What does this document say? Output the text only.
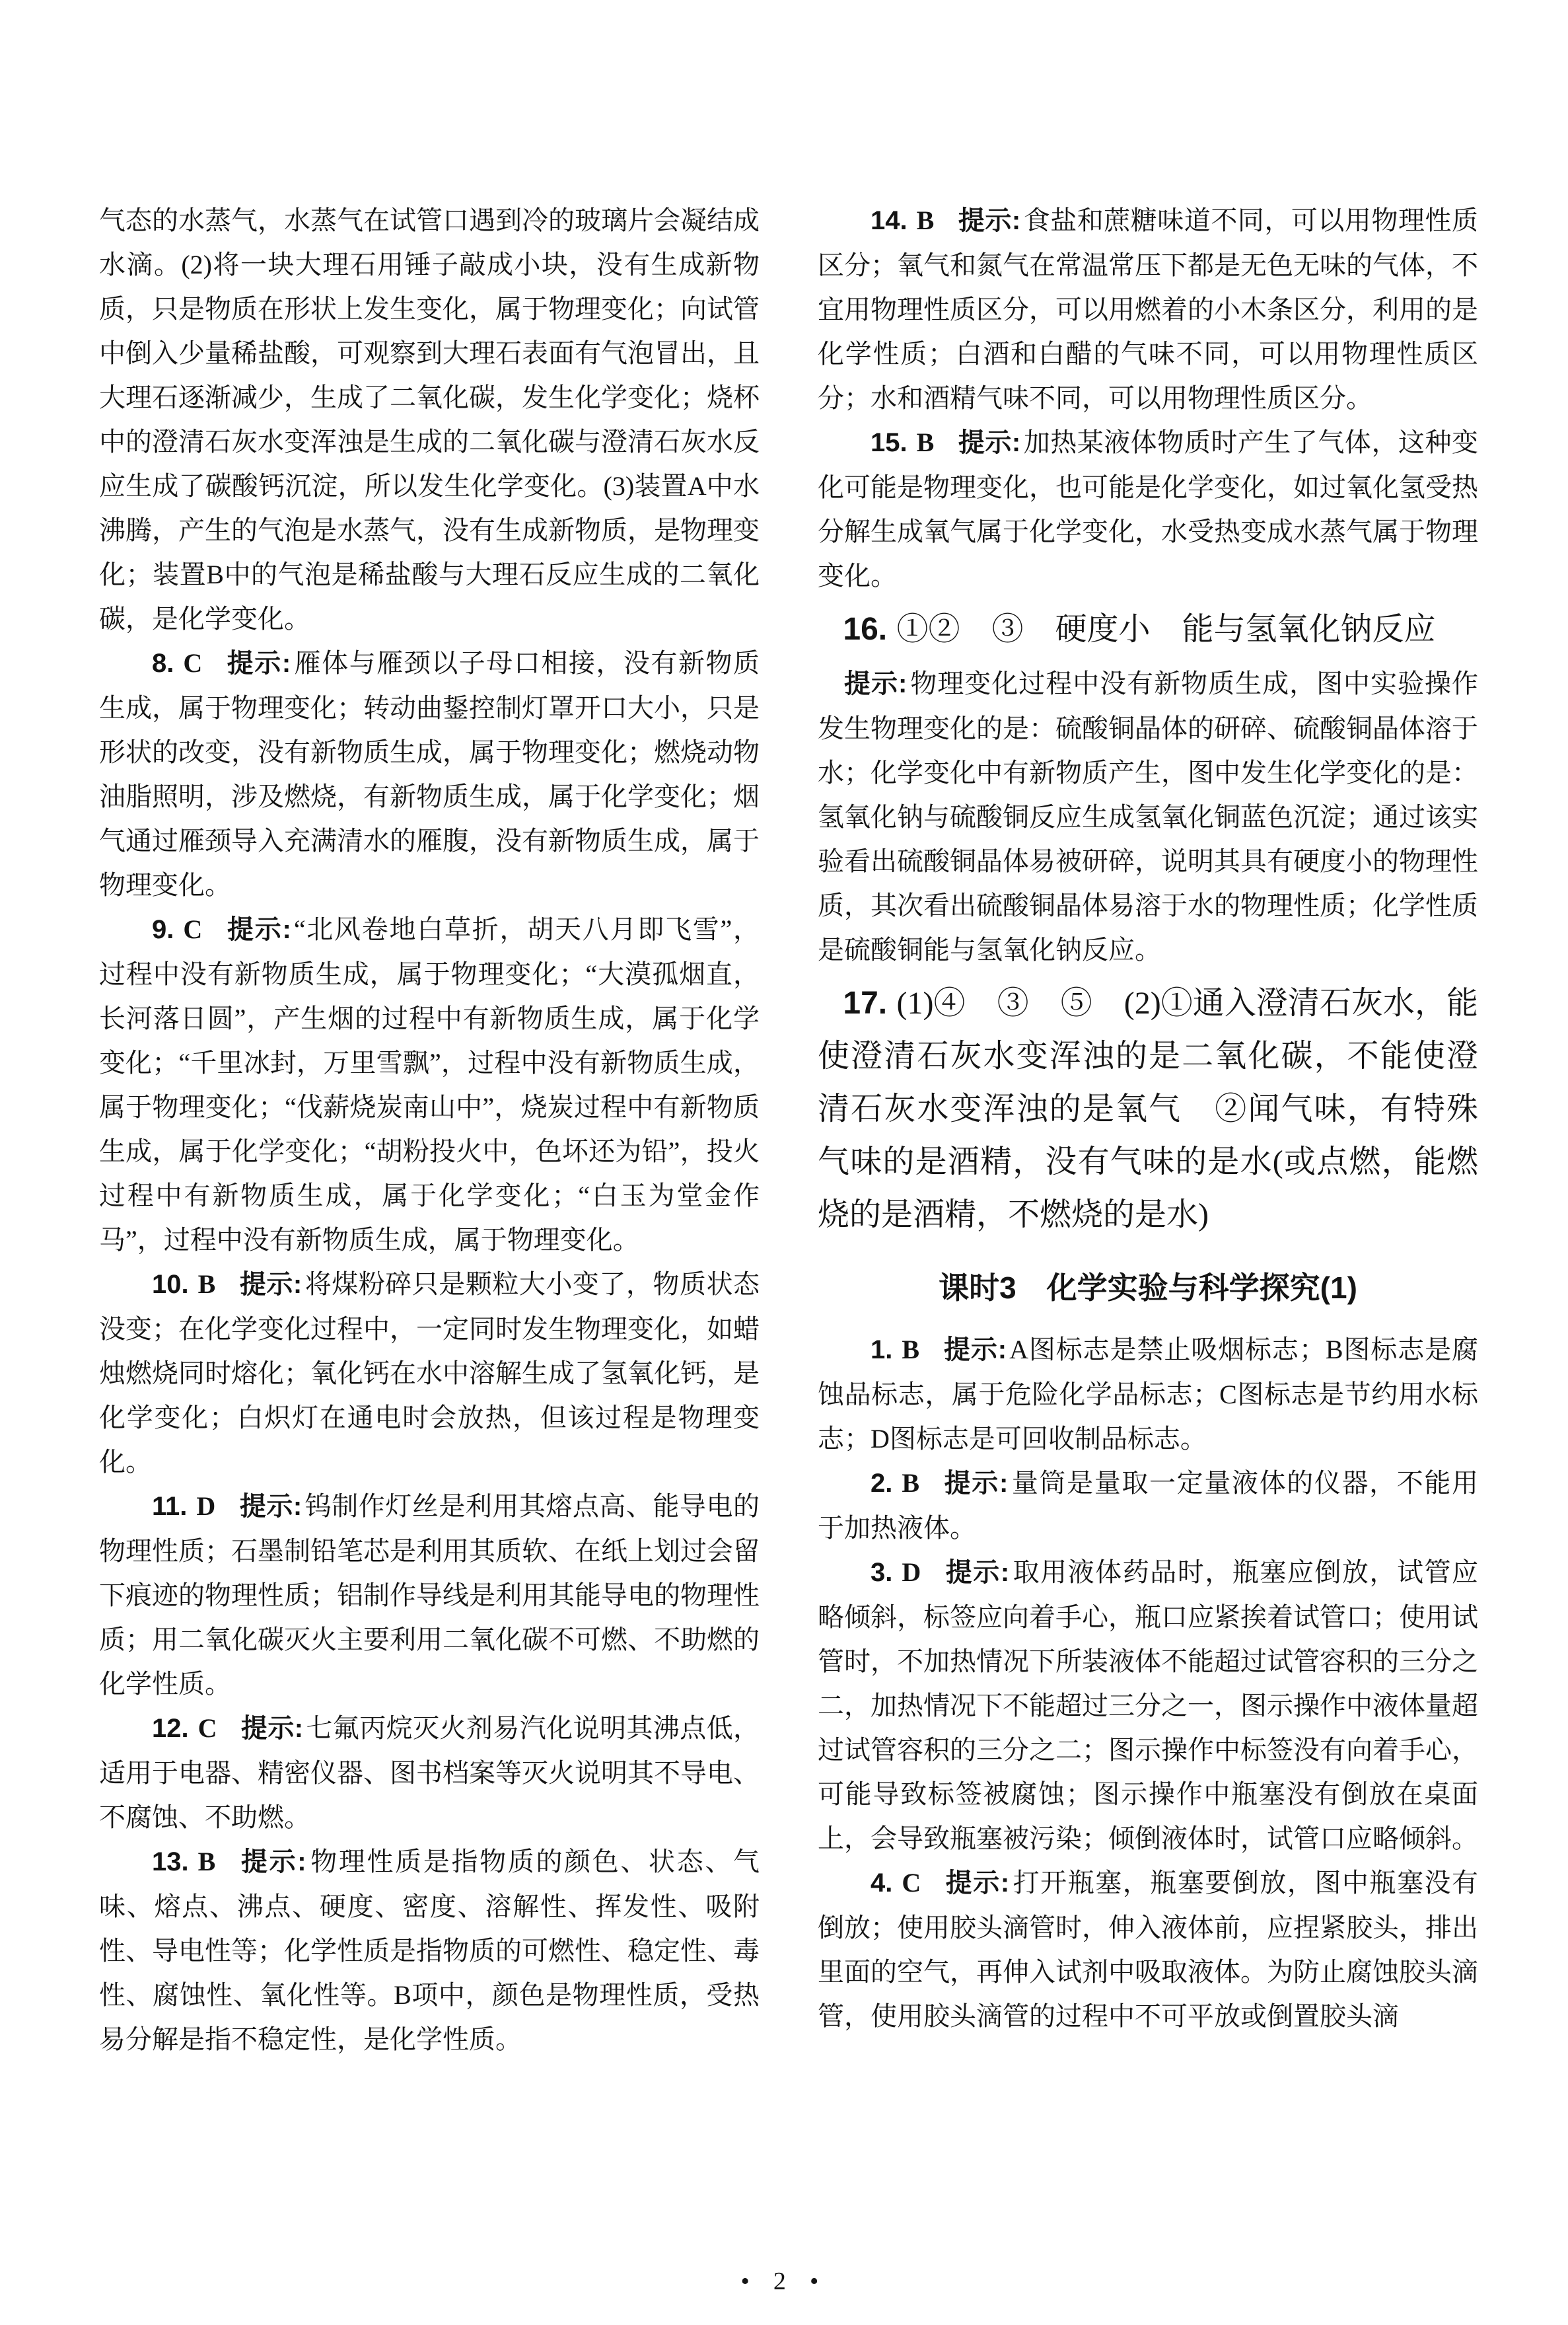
气态的水蒸气，水蒸气在试管口遇到冷的玻璃片会凝结成水滴。(2)将一块大理石用锤子敲成小块，没有生成新物质，只是物质在形状上发生变化，属于物理变化；向试管中倒入少量稀盐酸，可观察到大理石表面有气泡冒出，且大理石逐渐减少，生成了二氧化碳，发生化学变化；烧杯中的澄清石灰水变浑浊是生成的二氧化碳与澄清石灰水反应生成了碳酸钙沉淀，所以发生化学变化。(3)装置A中水沸腾，产生的气泡是水蒸气，没有生成新物质，是物理变化；装置B中的气泡是稀盐酸与大理石反应生成的二氧化碳，是化学变化。

8. C 提示: 雁体与雁颈以子母口相接，没有新物质生成，属于物理变化；转动曲鋬控制灯罩开口大小，只是形状的改变，没有新物质生成，属于物理变化；燃烧动物油脂照明，涉及燃烧，有新物质生成，属于化学变化；烟气通过雁颈导入充满清水的雁腹，没有新物质生成，属于物理变化。

9. C 提示: “北风卷地白草折，胡天八月即飞雪”，过程中没有新物质生成，属于物理变化；“大漠孤烟直，长河落日圆”，产生烟的过程中有新物质生成，属于化学变化；“千里冰封，万里雪飘”，过程中没有新物质生成，属于物理变化；“伐薪烧炭南山中”，烧炭过程中有新物质生成，属于化学变化；“胡粉投火中，色坏还为铅”，投火过程中有新物质生成，属于化学变化；“白玉为堂金作马”，过程中没有新物质生成，属于物理变化。

10. B 提示: 将煤粉碎只是颗粒大小变了，物质状态没变；在化学变化过程中，一定同时发生物理变化，如蜡烛燃烧同时熔化；氧化钙在水中溶解生成了氢氧化钙，是化学变化；白炽灯在通电时会放热，但该过程是物理变化。

11. D 提示: 钨制作灯丝是利用其熔点高、能导电的物理性质；石墨制铅笔芯是利用其质软、在纸上划过会留下痕迹的物理性质；铝制作导线是利用其能导电的物理性质；用二氧化碳灭火主要利用二氧化碳不可燃、不助燃的化学性质。

12. C 提示: 七氟丙烷灭火剂易汽化说明其沸点低，适用于电器、精密仪器、图书档案等灭火说明其不导电、不腐蚀、不助燃。

13. B 提示: 物理性质是指物质的颜色、状态、气味、熔点、沸点、硬度、密度、溶解性、挥发性、吸附性、导电性等；化学性质是指物质的可燃性、稳定性、毒性、腐蚀性、氧化性等。B项中，颜色是物理性质，受热易分解是指不稳定性，是化学性质。

14. B 提示: 食盐和蔗糖味道不同，可以用物理性质区分；氧气和氮气在常温常压下都是无色无味的气体，不宜用物理性质区分，可以用燃着的小木条区分，利用的是化学性质；白酒和白醋的气味不同，可以用物理性质区分；水和酒精气味不同，可以用物理性质区分。

15. B 提示: 加热某液体物质时产生了气体，这种变化可能是物理变化，也可能是化学变化，如过氧化氢受热分解生成氧气属于化学变化，水受热变成水蒸气属于物理变化。

16. ①②　③　硬度小　能与氢氧化钠反应

提示: 物理变化过程中没有新物质生成，图中实验操作发生物理变化的是：硫酸铜晶体的研碎、硫酸铜晶体溶于水；化学变化中有新物质产生，图中发生化学变化的是：氢氧化钠与硫酸铜反应生成氢氧化铜蓝色沉淀；通过该实验看出硫酸铜晶体易被研碎，说明其具有硬度小的物理性质，其次看出硫酸铜晶体易溶于水的物理性质；化学性质是硫酸铜能与氢氧化钠反应。

17. (1)④　③　⑤　(2)①通入澄清石灰水，能使澄清石灰水变浑浊的是二氧化碳，不能使澄清石灰水变浑浊的是氧气　②闻气味，有特殊气味的是酒精，没有气味的是水(或点燃，能燃烧的是酒精，不燃烧的是水)

课时3　化学实验与科学探究(1)

1. B 提示: A图标志是禁止吸烟标志；B图标志是腐蚀品标志，属于危险化学品标志；C图标志是节约用水标志；D图标志是可回收制品标志。

2. B 提示: 量筒是量取一定量液体的仪器，不能用于加热液体。

3. D 提示: 取用液体药品时，瓶塞应倒放，试管应略倾斜，标签应向着手心，瓶口应紧挨着试管口；使用试管时，不加热情况下所装液体不能超过试管容积的三分之二，加热情况下不能超过三分之一，图示操作中液体量超过试管容积的三分之二；图示操作中标签没有向着手心，可能导致标签被腐蚀；图示操作中瓶塞没有倒放在桌面上，会导致瓶塞被污染；倾倒液体时，试管口应略倾斜。

4. C 提示: 打开瓶塞，瓶塞要倒放，图中瓶塞没有倒放；使用胶头滴管时，伸入液体前，应捏紧胶头，排出里面的空气，再伸入试剂中吸取液体。为防止腐蚀胶头滴管，使用胶头滴管的过程中不可平放或倒置胶头滴

• 2 •
